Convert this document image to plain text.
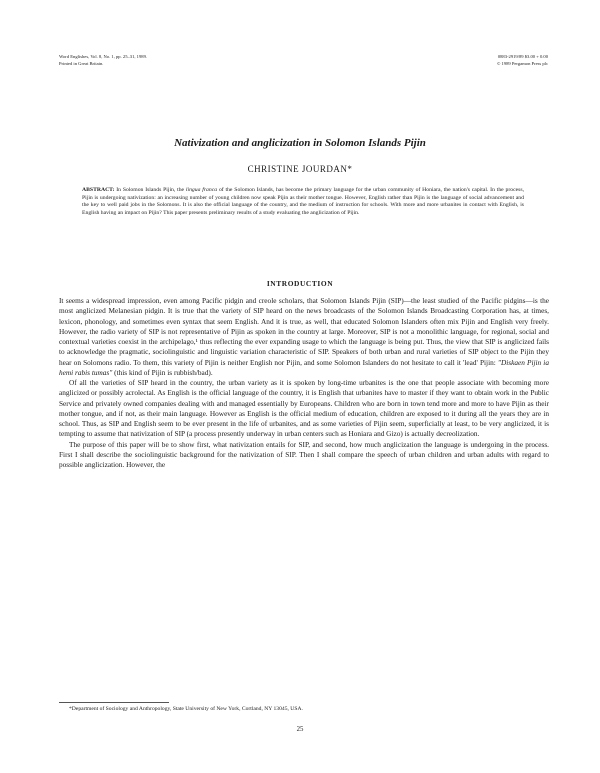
Word Englishes, Vol. 8, No. 1, pp. 25–31, 1989.
Printed in Great Britain.
0883-2919/89 $3.00 + 0.00
© 1989 Pergamon Press plc
Nativization and anglicization in Solomon Islands Pijin
CHRISTINE JOURDAN*
ABSTRACT: In Solomon Islands Pijin, the lingua franca of the Solomon Islands, has become the primary language for the urban community of Honiara, the nation's capital. In the process, Pijin is undergoing nativization: an increasing number of young children now speak Pijin as their mother tongue. However, English rather than Pijin is the language of social advancement and the key to well paid jobs in the Solomons. It is also the official language of the country, and the medium of instruction for schools. With more and more urbanites in contact with English, is English having an impact on Pijin? This paper presents preliminary results of a study evaluating the anglicization of Pijin.
INTRODUCTION

It seems a widespread impression, even among Pacific pidgin and creole scholars, that Solomon Islands Pijin (SIP)—the least studied of the Pacific pidgins—is the most anglicized Melanesian pidgin. It is true that the variety of SIP heard on the news broadcasts of the Solomon Islands Broadcasting Corporation has, at times, lexicon, phonology, and sometimes even syntax that seem English. And it is true, as well, that educated Solomon Islanders often mix Pijin and English very freely. However, the radio variety of SIP is not representative of Pijin as spoken in the country at large. Moreover, SIP is not a monolithic language, for regional, social and contextual varieties coexist in the archipelago,¹ thus reflecting the ever expanding usage to which the language is being put. Thus, the view that SIP is anglicized fails to acknowledge the pragmatic, sociolinguistic and linguistic variation characteristic of SIP. Speakers of both urban and rural varieties of SIP object to the Pijin they hear on Solomons radio. To them, this variety of Pijin is neither English nor Pijin, and some Solomon Islanders do not hesitate to call it 'lead' Pijin: "Diskaen Pijin ia hemi rabis tumas" (this kind of Pijin is rubbish/bad).

Of all the varieties of SIP heard in the country, the urban variety as it is spoken by long-time urbanites is the one that people associate with becoming more anglicized or possibly acrolectal. As English is the official language of the country, it is English that urbanites have to master if they want to obtain work in the Public Service and privately owned companies dealing with and managed essentially by Europeans. Children who are born in town tend more and more to have Pijin as their mother tongue, and if not, as their main language. However as English is the official medium of education, children are exposed to it during all the years they are in school. Thus, as SIP and English seem to be ever present in the life of urbanites, and as some varieties of Pijin seem, superficially at least, to be very anglicized, it is tempting to assume that nativization of SIP (a process presently underway in urban centers such as Honiara and Gizo) is actually decreolization.

The purpose of this paper will be to show first, what nativization entails for SIP, and second, how much anglicization the language is undergoing in the process. First I shall describe the sociolinguistic background for the nativization of SIP. Then I shall compare the speech of urban children and urban adults with regard to possible anglicization. However, the

*Department of Sociology and Anthropology, State University of New York, Cortland, NY 13045, USA.
25
